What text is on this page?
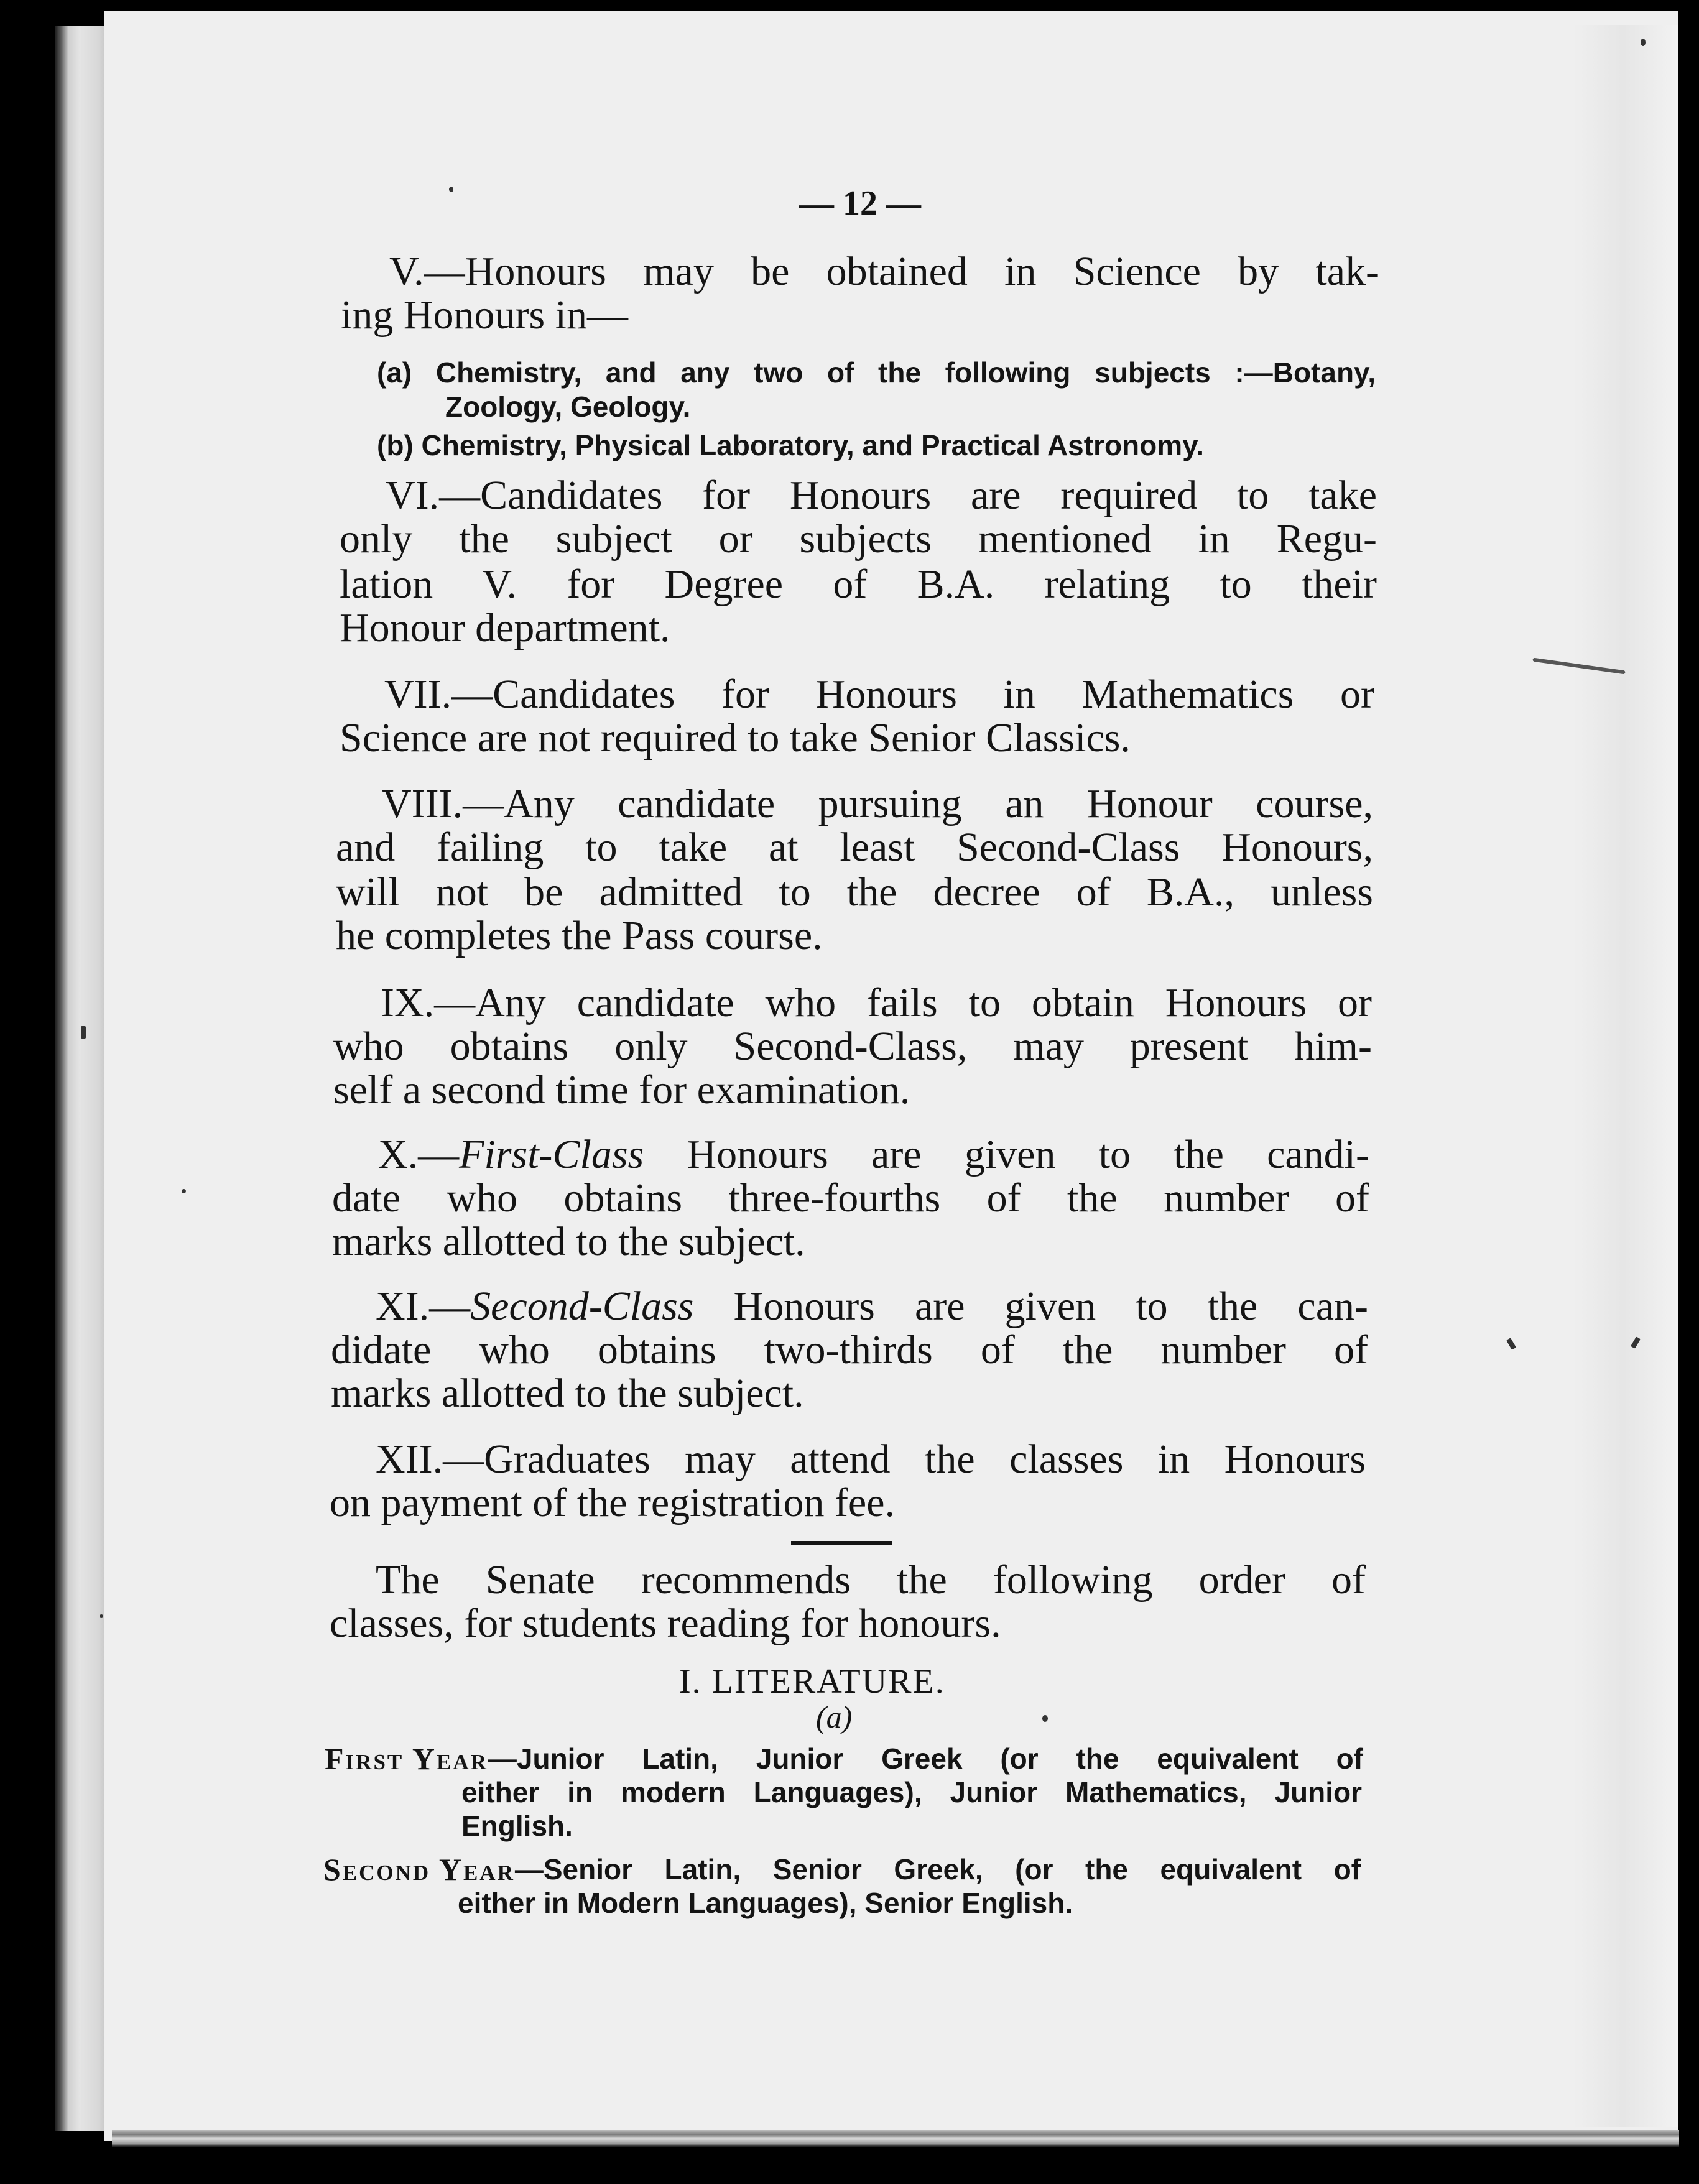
— 12 —
V.—Honours may be obtained in Science by tak-
ing Honours in—
(a) Chemistry, and any two of the following subjects :—Botany,
Zoology, Geology.
(b) Chemistry, Physical Laboratory, and Practical Astronomy.
VI.—Candidates for Honours are required to take
only the subject or subjects mentioned in Regu-
lation V. for Degree of B.A. relating to their
Honour department.
VII.—Candidates for Honours in Mathematics or
Science are not required to take Senior Classics.
VIII.—Any candidate pursuing an Honour course,
and failing to take at least Second-Class Honours,
will not be admitted to the decree of B.A., unless
he completes the Pass course.
IX.—Any candidate who fails to obtain Honours or
who obtains only Second-Class, may present him-
self a second time for examination.
X.— First-Class Honours are given to the candi-
date who obtains three-fourths of the number of
marks allotted to the subject.
XI.— Second-Class Honours are given to the can-
didate who obtains two-thirds of the number of
marks allotted to the subject.
XII.—Graduates may attend the classes in Honours
on payment of the registration fee.
The Senate recommends the following order of
classes, for students reading for honours.
I. LITERATURE.
(a)
First Year —Junior Latin, Junior Greek (or the equivalent of
either in modern Languages), Junior Mathematics, Junior
English.
Second Year —Senior Latin, Senior Greek, (or the equivalent of
either in Modern Languages), Senior English.
